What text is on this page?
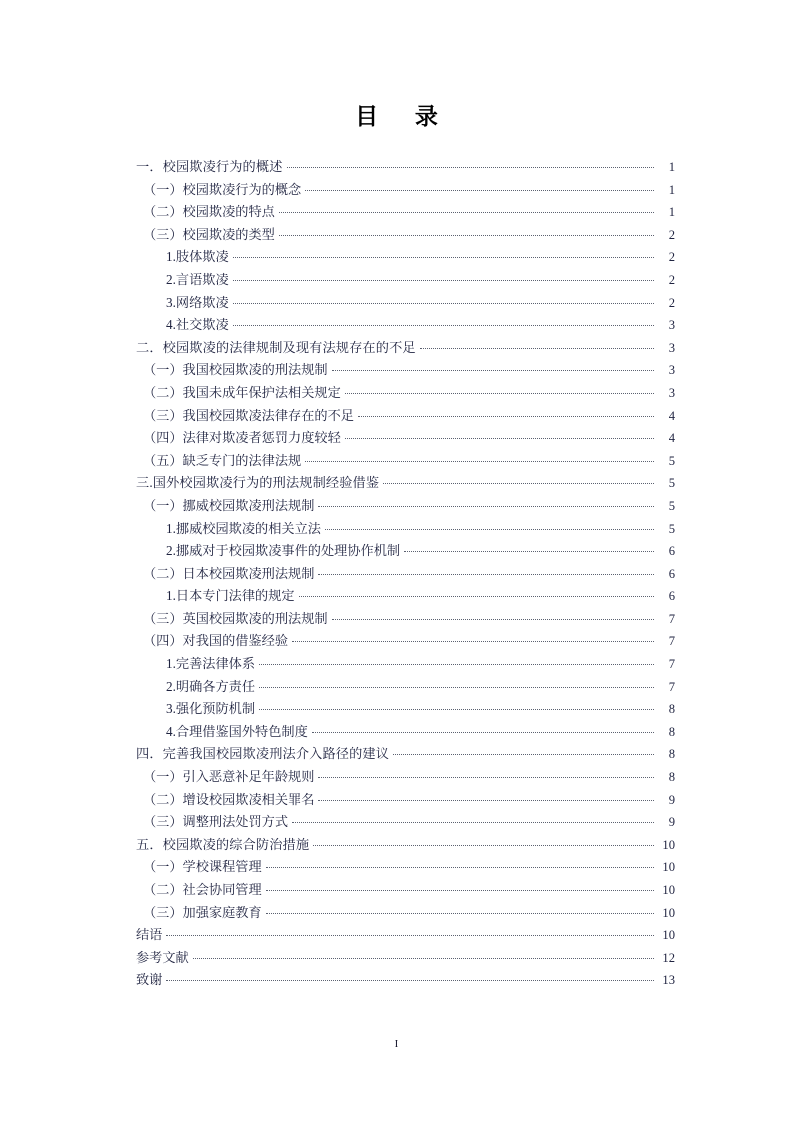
目　录
一．校园欺凌行为的概述	1
（一）校园欺凌行为的概念	1
（二）校园欺凌的特点	1
（三）校园欺凌的类型	2
1.肢体欺凌	2
2.言语欺凌	2
3.网络欺凌	2
4.社交欺凌	3
二．校园欺凌的法律规制及现有法规存在的不足	3
（一）我国校园欺凌的刑法规制	3
（二）我国未成年保护法相关规定	3
（三）我国校园欺凌法律存在的不足	4
（四）法律对欺凌者惩罚力度较轻	4
（五）缺乏专门的法律法规	5
三.国外校园欺凌行为的刑法规制经验借鉴	5
（一）挪威校园欺凌刑法规制	5
1.挪威校园欺凌的相关立法	5
2.挪威对于校园欺凌事件的处理协作机制	6
（二）日本校园欺凌刑法规制	6
1.日本专门法律的规定	6
（三）英国校园欺凌的刑法规制	7
（四）对我国的借鉴经验	7
1.完善法律体系	7
2.明确各方责任	7
3.强化预防机制	8
4.合理借鉴国外特色制度	8
四．完善我国校园欺凌刑法介入路径的建议	8
（一）引入恶意补足年龄规则	8
（二）增设校园欺凌相关罪名	9
（三）调整刑法处罚方式	9
五．校园欺凌的综合防治措施	10
（一）学校课程管理	10
（二）社会协同管理	10
（三）加强家庭教育	10
结语	10
参考文献	12
致谢	13
I
